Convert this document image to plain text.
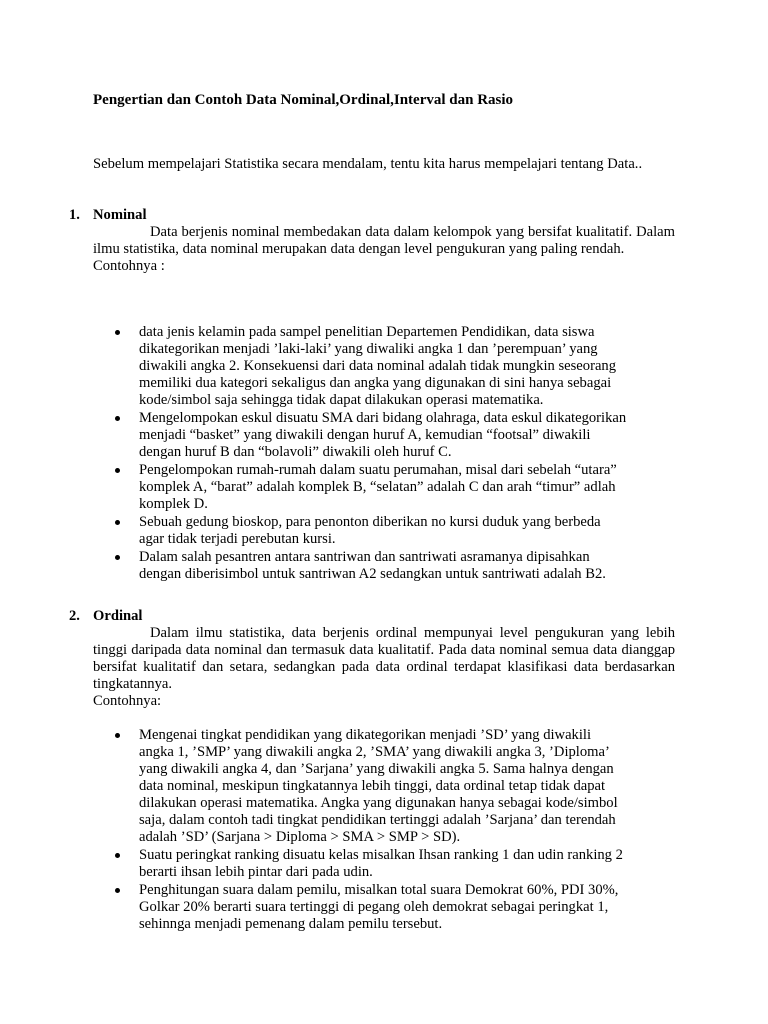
Pengertian dan Contoh Data Nominal,Ordinal,Interval dan Rasio

Sebelum mempelajari Statistika secara mendalam, tentu kita harus mempelajari tentang Data..

1. Nominal

Data berjenis nominal membedakan data dalam kelompok yang bersifat kualitatif. Dalam ilmu statistika, data nominal merupakan data dengan level pengukuran yang paling rendah.

Contohnya :

data jenis kelamin pada sampel penelitian Departemen Pendidikan, data siswa dikategorikan menjadi ’laki-laki’ yang diwaliki angka 1 dan ’perempuan’ yang diwakili angka 2. Konsekuensi dari data nominal adalah tidak mungkin seseorang memiliki dua kategori sekaligus dan angka yang digunakan di sini hanya sebagai kode/simbol saja sehingga tidak dapat dilakukan operasi matematika.
Mengelompokan eskul disuatu SMA dari bidang olahraga, data eskul dikategorikan menjadi “basket” yang diwakili dengan huruf A, kemudian “footsal” diwakili dengan huruf B dan “bolavoli” diwakili oleh huruf C.
Pengelompokan rumah-rumah dalam suatu perumahan, misal dari sebelah “utara” komplek A, “barat” adalah komplek B, “selatan” adalah C dan arah “timur” adlah komplek D.
Sebuah gedung bioskop, para penonton diberikan no kursi duduk yang berbeda agar tidak terjadi perebutan kursi.
Dalam salah pesantren antara santriwan dan santriwati asramanya dipisahkan dengan diberisimbol untuk santriwan A2 sedangkan untuk santriwati adalah B2.
2. Ordinal

Dalam ilmu statistika, data berjenis ordinal mempunyai level pengukuran yang lebih tinggi daripada data nominal dan termasuk data kualitatif. Pada data nominal semua data dianggap bersifat kualitatif dan setara, sedangkan pada data ordinal terdapat klasifikasi data berdasarkan tingkatannya.

Contohnya:

Mengenai tingkat pendidikan yang dikategorikan menjadi ’SD’ yang diwakili angka 1, ’SMP’ yang diwakili angka 2, ’SMA’ yang diwakili angka 3, ’Diploma’ yang diwakili angka 4, dan ’Sarjana’ yang diwakili angka 5. Sama halnya dengan data nominal, meskipun tingkatannya lebih tinggi, data ordinal tetap tidak dapat dilakukan operasi matematika. Angka yang digunakan hanya sebagai kode/simbol saja, dalam contoh tadi tingkat pendidikan tertinggi adalah ’Sarjana’ dan terendah adalah ’SD’ (Sarjana > Diploma > SMA > SMP > SD).
Suatu peringkat ranking disuatu kelas misalkan Ihsan ranking 1 dan udin ranking 2 berarti ihsan lebih pintar dari pada udin.
Penghitungan suara dalam pemilu, misalkan total suara Demokrat 60%, PDI 30%, Golkar 20% berarti suara tertinggi di pegang oleh demokrat sebagai peringkat 1, sehinnga menjadi pemenang dalam pemilu tersebut.
